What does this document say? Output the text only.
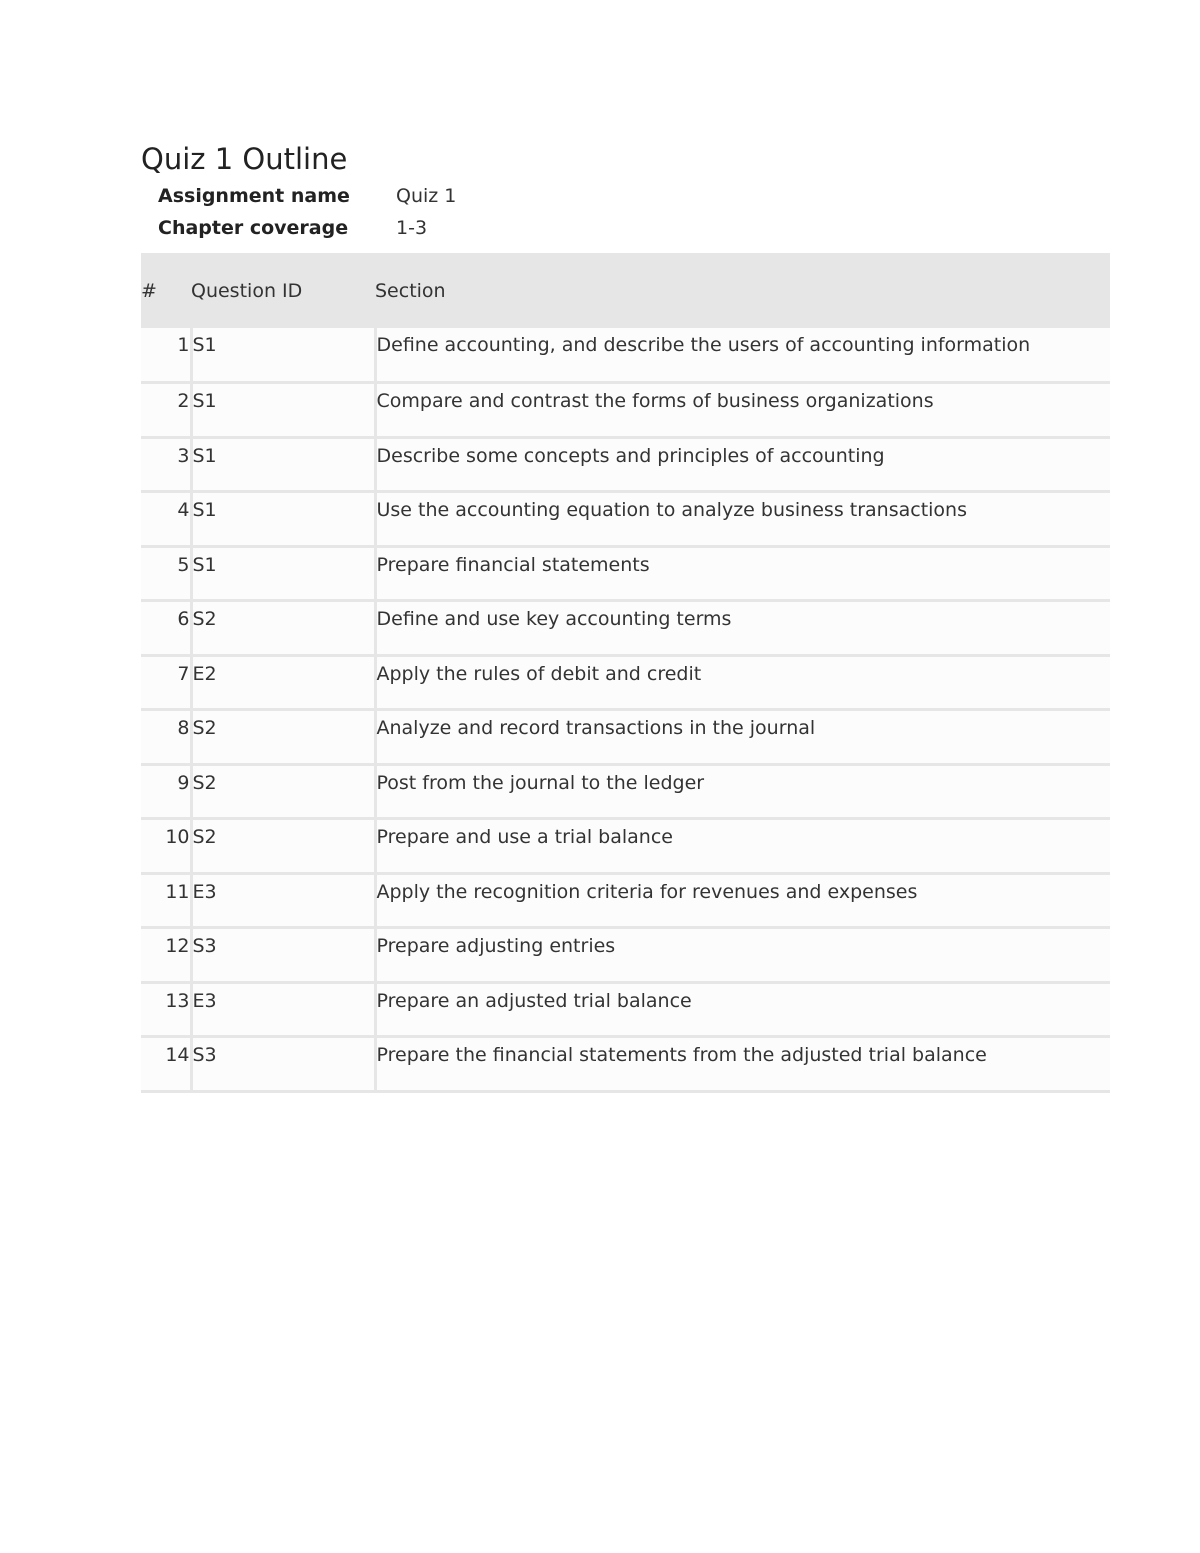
Quiz 1 Outline
Assignment name	Quiz 1
Chapter coverage	1-3
#	Question ID	Section
1	S1	Define accounting, and describe the users of accounting information
2	S1	Compare and contrast the forms of business organizations
3	S1	Describe some concepts and principles of accounting
4	S1	Use the accounting equation to analyze business transactions
5	S1	Prepare financial statements
6	S2	Define and use key accounting terms
7	E2	Apply the rules of debit and credit
8	S2	Analyze and record transactions in the journal
9	S2	Post from the journal to the ledger
10	S2	Prepare and use a trial balance
11	E3	Apply the recognition criteria for revenues and expenses
12	S3	Prepare adjusting entries
13	E3	Prepare an adjusted trial balance
14	S3	Prepare the financial statements from the adjusted trial balance
